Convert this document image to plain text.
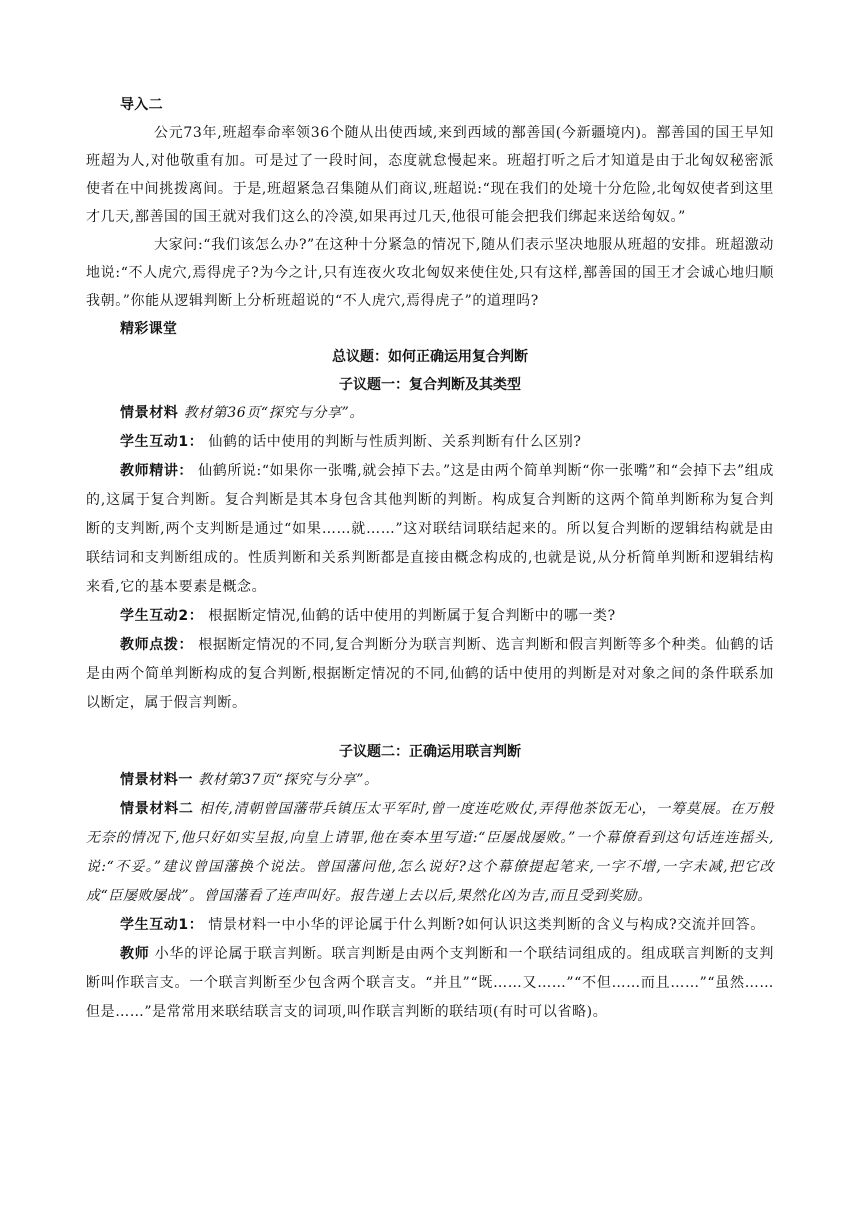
导入二

公元73年,班超奉命率领36个随从出使西域,来到西域的鄯善国(今新疆境内)。鄯善国的国王早知班超为人,对他敬重有加。可是过了一段时间，态度就怠慢起来。班超打听之后才知道是由于北匈奴秘密派使者在中间挑拨离间。于是,班超紧急召集随从们商议,班超说:“现在我们的处境十分危险,北匈奴使者到这里才几天,鄯善国的国王就对我们这么的冷漠,如果再过几天,他很可能会把我们绑起来送给匈奴。”

大家问:“我们该怎么办?”在这种十分紧急的情况下,随从们表示坚决地服从班超的安排。班超激动地说:“不人虎穴,焉得虎子?为今之计,只有连夜火攻北匈奴来使住处,只有这样,鄯善国的国王才会诚心地归顺我朝。”你能从逻辑判断上分析班超说的“不人虎穴,焉得虎子”的道理吗?

精彩课堂

总议题：如何正确运用复合判断

子议题一：复合判断及其类型

情景材料 教材第36页“探究与分享”。

学生互动1： 仙鹤的话中使用的判断与性质判断、关系判断有什么区别?

教师精讲： 仙鹤所说:“如果你一张嘴,就会掉下去。”这是由两个简单判断“你一张嘴”和“会掉下去”组成的,这属于复合判断。复合判断是其本身包含其他判断的判断。构成复合判断的这两个简单判断称为复合判断的支判断,两个支判断是通过“如果……就……”这对联结词联结起来的。所以复合判断的逻辑结构就是由联结词和支判断组成的。性质判断和关系判断都是直接由概念构成的,也就是说,从分析简单判断和逻辑结构来看,它的基本要素是概念。

学生互动2： 根据断定情况,仙鹤的话中使用的判断属于复合判断中的哪一类?

教师点拨： 根据断定情况的不同,复合判断分为联言判断、选言判断和假言判断等多个种类。仙鹤的话是由两个简单判断构成的复合判断,根据断定情况的不同,仙鹤的话中使用的判断是对对象之间的条件联系加以断定，属于假言判断。

子议题二：正确运用联言判断

情景材料一 教材第37页“探究与分享”。

情景材料二 相传,清朝曾国藩带兵镇压太平军时,曾一度连吃败仗,弄得他茶饭无心，一筹莫展。在万般无奈的情况下,他只好如实呈报,向皇上请罪,他在奏本里写道:“臣屡战屡败。”一个幕僚看到这句话连连摇头,说:“不妥。”建议曾国藩换个说法。曾国藩问他,怎么说好?这个幕僚提起笔来,一字不增,一字未减,把它改成“臣屡败屡战”。曾国藩看了连声叫好。报告递上去以后,果然化凶为吉,而且受到奖励。

学生互动1： 情景材料一中小华的评论属于什么判断?如何认识这类判断的含义与构成?交流并回答。

教师 小华的评论属于联言判断。联言判断是由两个支判断和一个联结词组成的。组成联言判断的支判断叫作联言支。一个联言判断至少包含两个联言支。“并且”“既……又……”“不但……而且……”“虽然……但是……”是常常用来联结联言支的词项,叫作联言判断的联结项(有时可以省略)。
